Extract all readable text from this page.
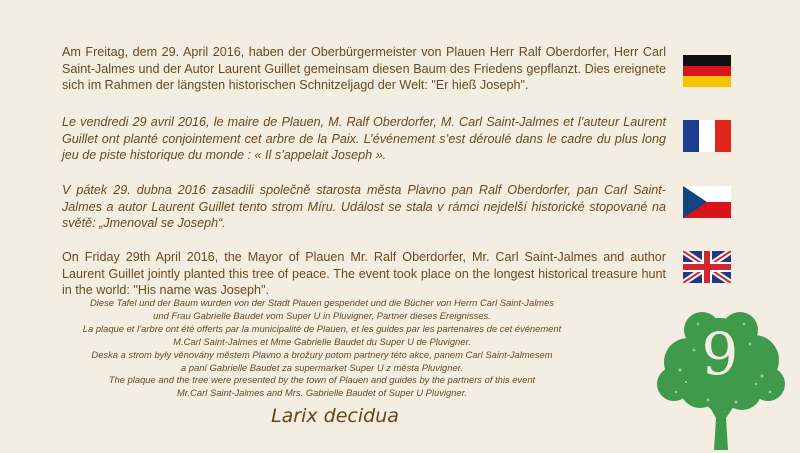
Am Freitag, dem 29. April 2016, haben der Oberbürgermeister von Plauen Herr Ralf Oberdorfer, Herr Carl Saint-Jalmes und der Autor Laurent Guillet gemeinsam diesen Baum des Friedens gepflanzt. Dies ereignete sich im Rahmen der längsten historischen Schnitzeljagd der Welt: "Er hieß Joseph".

Le vendredi 29 avril 2016, le maire de Plauen, M. Ralf Oberdorfer, M. Carl Saint-Jalmes et l’auteur Laurent Guillet ont planté conjointement cet arbre de la Paix. L’événement s’est déroulé dans le cadre du plus long jeu de piste historique du monde : « Il s’appelait Joseph ».

V pátek 29. dubna 2016 zasadili společně starosta města Plavno pan Ralf Oberdorfer, pan Carl Saint-Jalmes a autor Laurent Guillet tento strom Míru. Událost se stala v rámci nejdelší historické stopované na světě: „Jmenoval se Joseph“.

On Friday 29th April 2016, the Mayor of Plauen Mr. Ralf Oberdorfer, Mr. Carl Saint-Jalmes and author Laurent Guillet jointly planted this tree of peace. The event took place on the longest historical treasure hunt in the world: "His name was Joseph".

Diese Tafel und der Baum wurden von der Stadt Plauen gespendet und die Bücher von Herrn Carl Saint-Jalmes
und Frau Gabrielle Baudet vom Super U in Pluvigner, Partner dieses Ereignisses.
La plaque et l’arbre ont été offerts par la municipalité de Plauen, et les guides par les partenaires de cet événement
M.Carl Saint-Jalmes et Mme Gabrielle Baudet du Super U de Pluvigner.
Deska a strom byly věnovány městem Plavno a brožury potom partnery této akce, panem Carl Saint-Jalmesem
a paní Gabrielle Baudet za supermarket Super U z města Pluvigner.
The plaque and the tree were presented by the town of Plauen and guides by the partners of this event
Mr.Carl Saint-Jalmes and Mrs. Gabrielle Baudet of Super U Pluvigner.
Larix decidua
9
